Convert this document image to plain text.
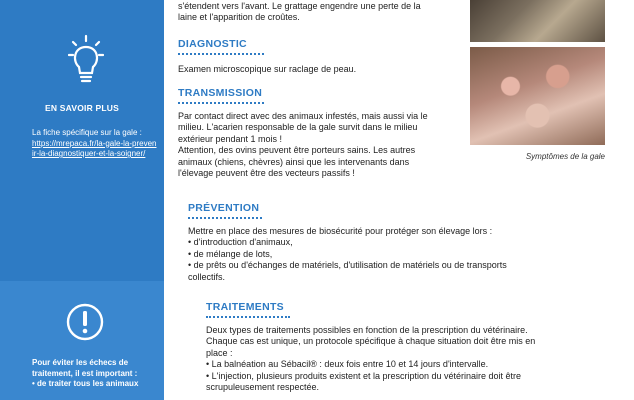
EN SAVOIR PLUS
La fiche spécifique sur la gale :
https://mrepaca.fr/la-gale-la-prevenir-la-diagnostiquer-et-la-soigner/
Pour éviter les échecs de traitement, il est important :
• de traiter tous les animaux
s'étendent vers l'avant. Le grattage engendre une perte de la
laine et l'apparition de croûtes.
DIAGNOSTIC
Examen microscopique sur raclage de peau.
TRANSMISSION
Par contact direct avec des animaux infestés, mais aussi via le
milieu. L'acarien responsable de la gale survit dans le milieu
extérieur pendant 1 mois !
Attention, des ovins peuvent être porteurs sains. Les autres
animaux (chiens, chèvres) ainsi que les intervenants dans
l'élevage peuvent être des vecteurs passifs !
Symptômes de la gale
PRÉVENTION
Mettre en place des mesures de biosécurité pour protéger son élevage lors :
• d'introduction d'animaux,
• de mélange de lots,
• de prêts ou d'échanges de matériels, d'utilisation de matériels ou de transports
collectifs.
TRAITEMENTS
Deux types de traitements possibles en fonction de la prescription du vétérinaire.
Chaque cas est unique, un protocole spécifique à chaque situation doit être mis en
place :
• La balnéation au Sébacil® : deux fois entre 10 et 14 jours d'intervalle.
• L'injection, plusieurs produits existent et la prescription du vétérinaire doit être
scrupuleusement respectée.
